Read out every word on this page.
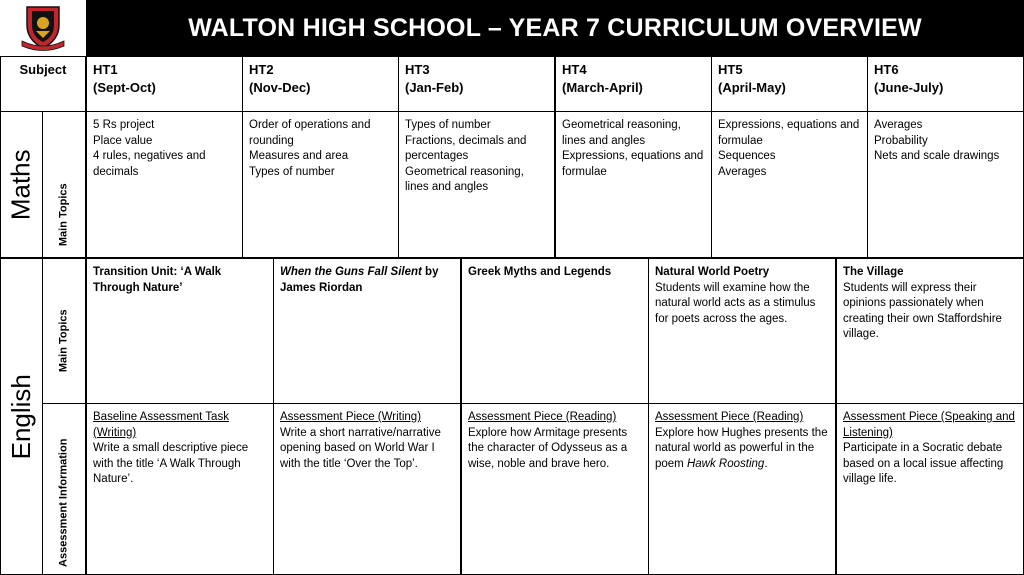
WALTON HIGH SCHOOL – YEAR 7 CURRICULUM OVERVIEW
Subject	HT1
(Sept-Oct)
HT2
(Nov-Dec)
HT3
(Jan-Feb)
HT4
(March-April)
HT5
(April-May)
HT6
(June-July)
Maths Main Topics
5 Rs project
Place value
4 rules, negatives and decimals
Order of operations and rounding
Measures and area
Types of number
Types of number
Fractions, decimals and percentages
Geometrical reasoning, lines and angles
Geometrical reasoning, lines and angles
Expressions, equations and formulae
Expressions, equations and formulae
Sequences
Averages
Averages
Probability
Nets and scale drawings
English
Main Topics
Assessment Information
Transition Unit: ‘A Walk Through Nature’
When the Guns Fall Silent by James Riordan
Greek Myths and Legends	Natural World Poetry
Students will examine how the natural world acts as a stimulus for poets across the ages.
The Village
Students will express their opinions passionately when creating their own Staffordshire village.
Baseline Assessment Task (Writing)
Write a small descriptive piece with the title ‘A Walk Through Nature’.
Assessment Piece (Writing)
Write a short narrative/narrative opening based on World War I with the title ‘Over the Top’.
Assessment Piece (Reading)
Explore how Armitage presents the character of Odysseus as a wise, noble and brave hero.
Assessment Piece (Reading)
Explore how Hughes presents the natural world as powerful in the poem Hawk Roosting.
Assessment Piece (Speaking and Listening)
Participate in a Socratic debate based on a local issue affecting village life.
